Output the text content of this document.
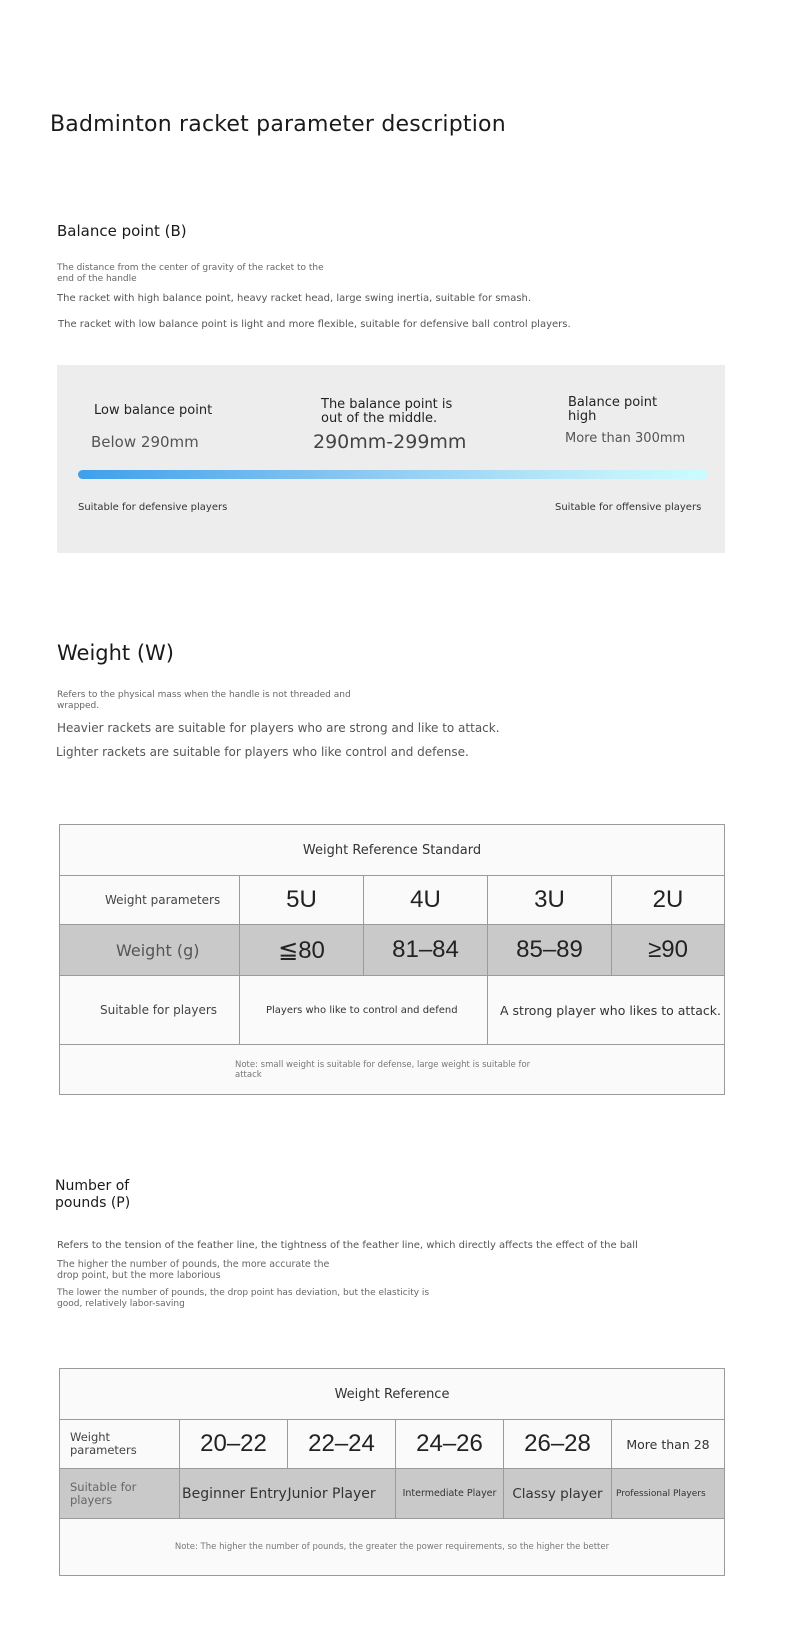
Badminton racket parameter description
Balance point (B)
The distance from the center of gravity of the racket to the end of the handle
The racket with high balance point, heavy racket head, large swing inertia, suitable for smash.
The racket with low balance point is light and more flexible, suitable for defensive ball control players.
Low balance point
Below 290mm
The balance point is out of the middle.
290mm-299mm
Balance point high
More than 300mm
Suitable for defensive players	Suitable for offensive players
Weight (W)
Refers to the physical mass when the handle is not threaded and wrapped.
Heavier rackets are suitable for players who are strong and like to attack.
Lighter rackets are suitable for players who like control and defense.
Weight Reference Standard				
Weight parameters	5U	4U	3U	2U
Weight (g)	≦80	81–84	85–89	≥90
Suitable for players	Players who like to control and defend		A strong player who likes to attack.	
Note: small weight is suitable for defense, large weight is suitable for attack				
Number of pounds (P)
Refers to the tension of the feather line, the tightness of the feather line, which directly affects the effect of the ball
The higher the number of pounds, the more accurate the drop point, but the more laborious
The lower the number of pounds, the drop point has deviation, but the elasticity is good, relatively labor-saving
Weight Reference					
Weight parameters	20–22	22–24	24–26	26–28	More than 28
Suitable for players	Beginner Entry	Junior Player	Intermediate Player	Classy player	Professional Players
Note: The higher the number of pounds, the greater the power requirements, so the higher the better					
